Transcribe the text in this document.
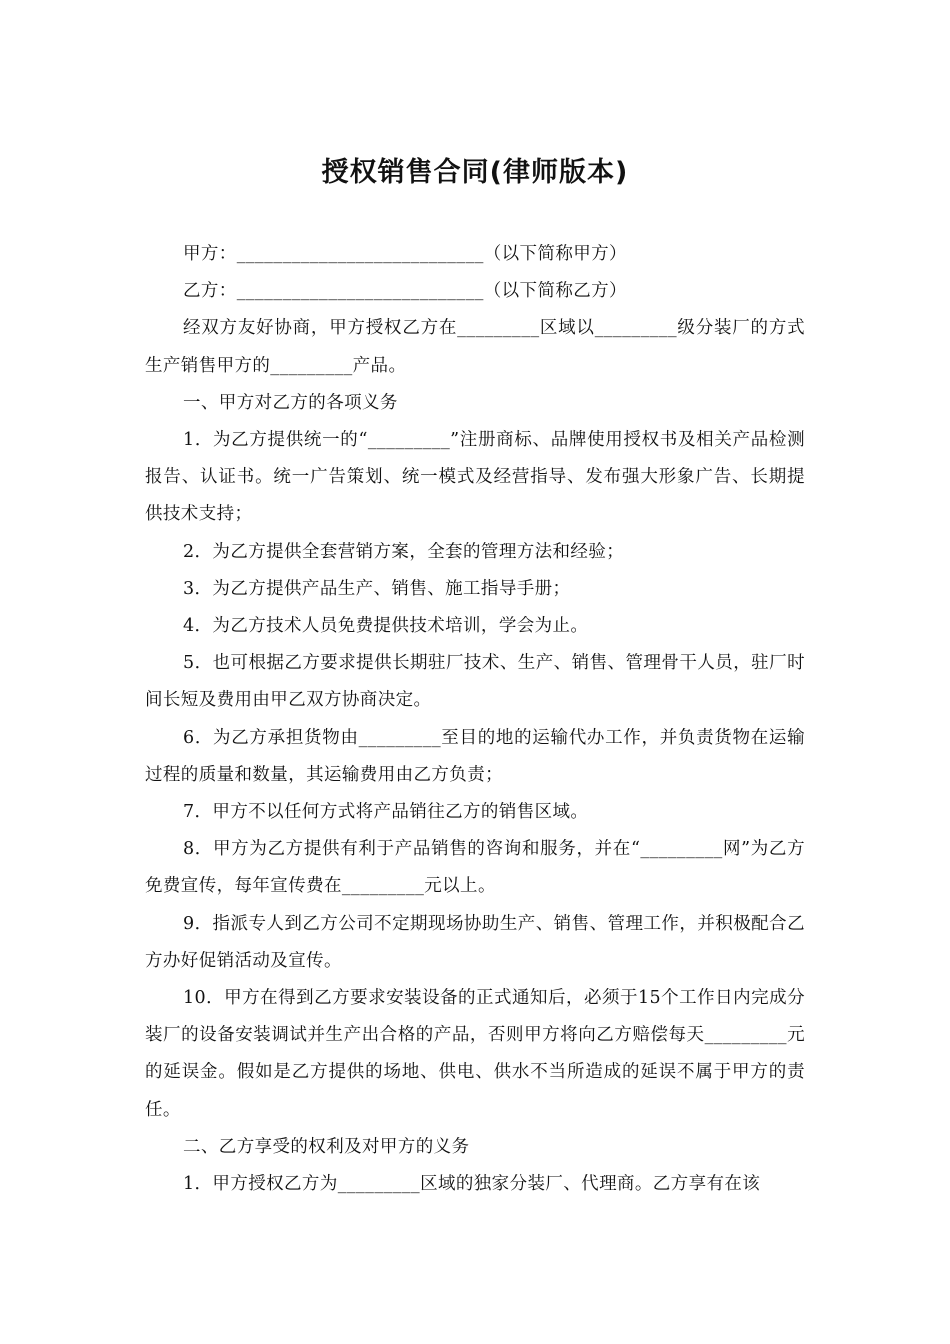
授权销售合同(律师版本)

甲方：___________________________（以下简称甲方）

乙方：___________________________（以下简称乙方）

经双方友好协商，甲方授权乙方在_________区域以_________级分装厂的方式生产销售甲方的_________产品。

一、甲方对乙方的各项义务

1．为乙方提供统一的“_________”注册商标、品牌使用授权书及相关产品检测报告、认证书。统一广告策划、统一模式及经营指导、发布强大形象广告、长期提供技术支持；

2．为乙方提供全套营销方案，全套的管理方法和经验；

3．为乙方提供产品生产、销售、施工指导手册；

4．为乙方技术人员免费提供技术培训，学会为止。

5．也可根据乙方要求提供长期驻厂技术、生产、销售、管理骨干人员，驻厂时间长短及费用由甲乙双方协商决定。

6．为乙方承担货物由_________至目的地的运输代办工作，并负责货物在运输过程的质量和数量，其运输费用由乙方负责；

7．甲方不以任何方式将产品销往乙方的销售区域。

8．甲方为乙方提供有利于产品销售的咨询和服务，并在“_________网”为乙方免费宣传，每年宣传费在_________元以上。

9．指派专人到乙方公司不定期现场协助生产、销售、管理工作，并积极配合乙方办好促销活动及宣传。

10．甲方在得到乙方要求安装设备的正式通知后，必须于15个工作日内完成分装厂的设备安装调试并生产出合格的产品，否则甲方将向乙方赔偿每天_________元的延误金。假如是乙方提供的场地、供电、供水不当所造成的延误不属于甲方的责任。

二、乙方享受的权利及对甲方的义务

1．甲方授权乙方为_________区域的独家分装厂、代理商。乙方享有在该
